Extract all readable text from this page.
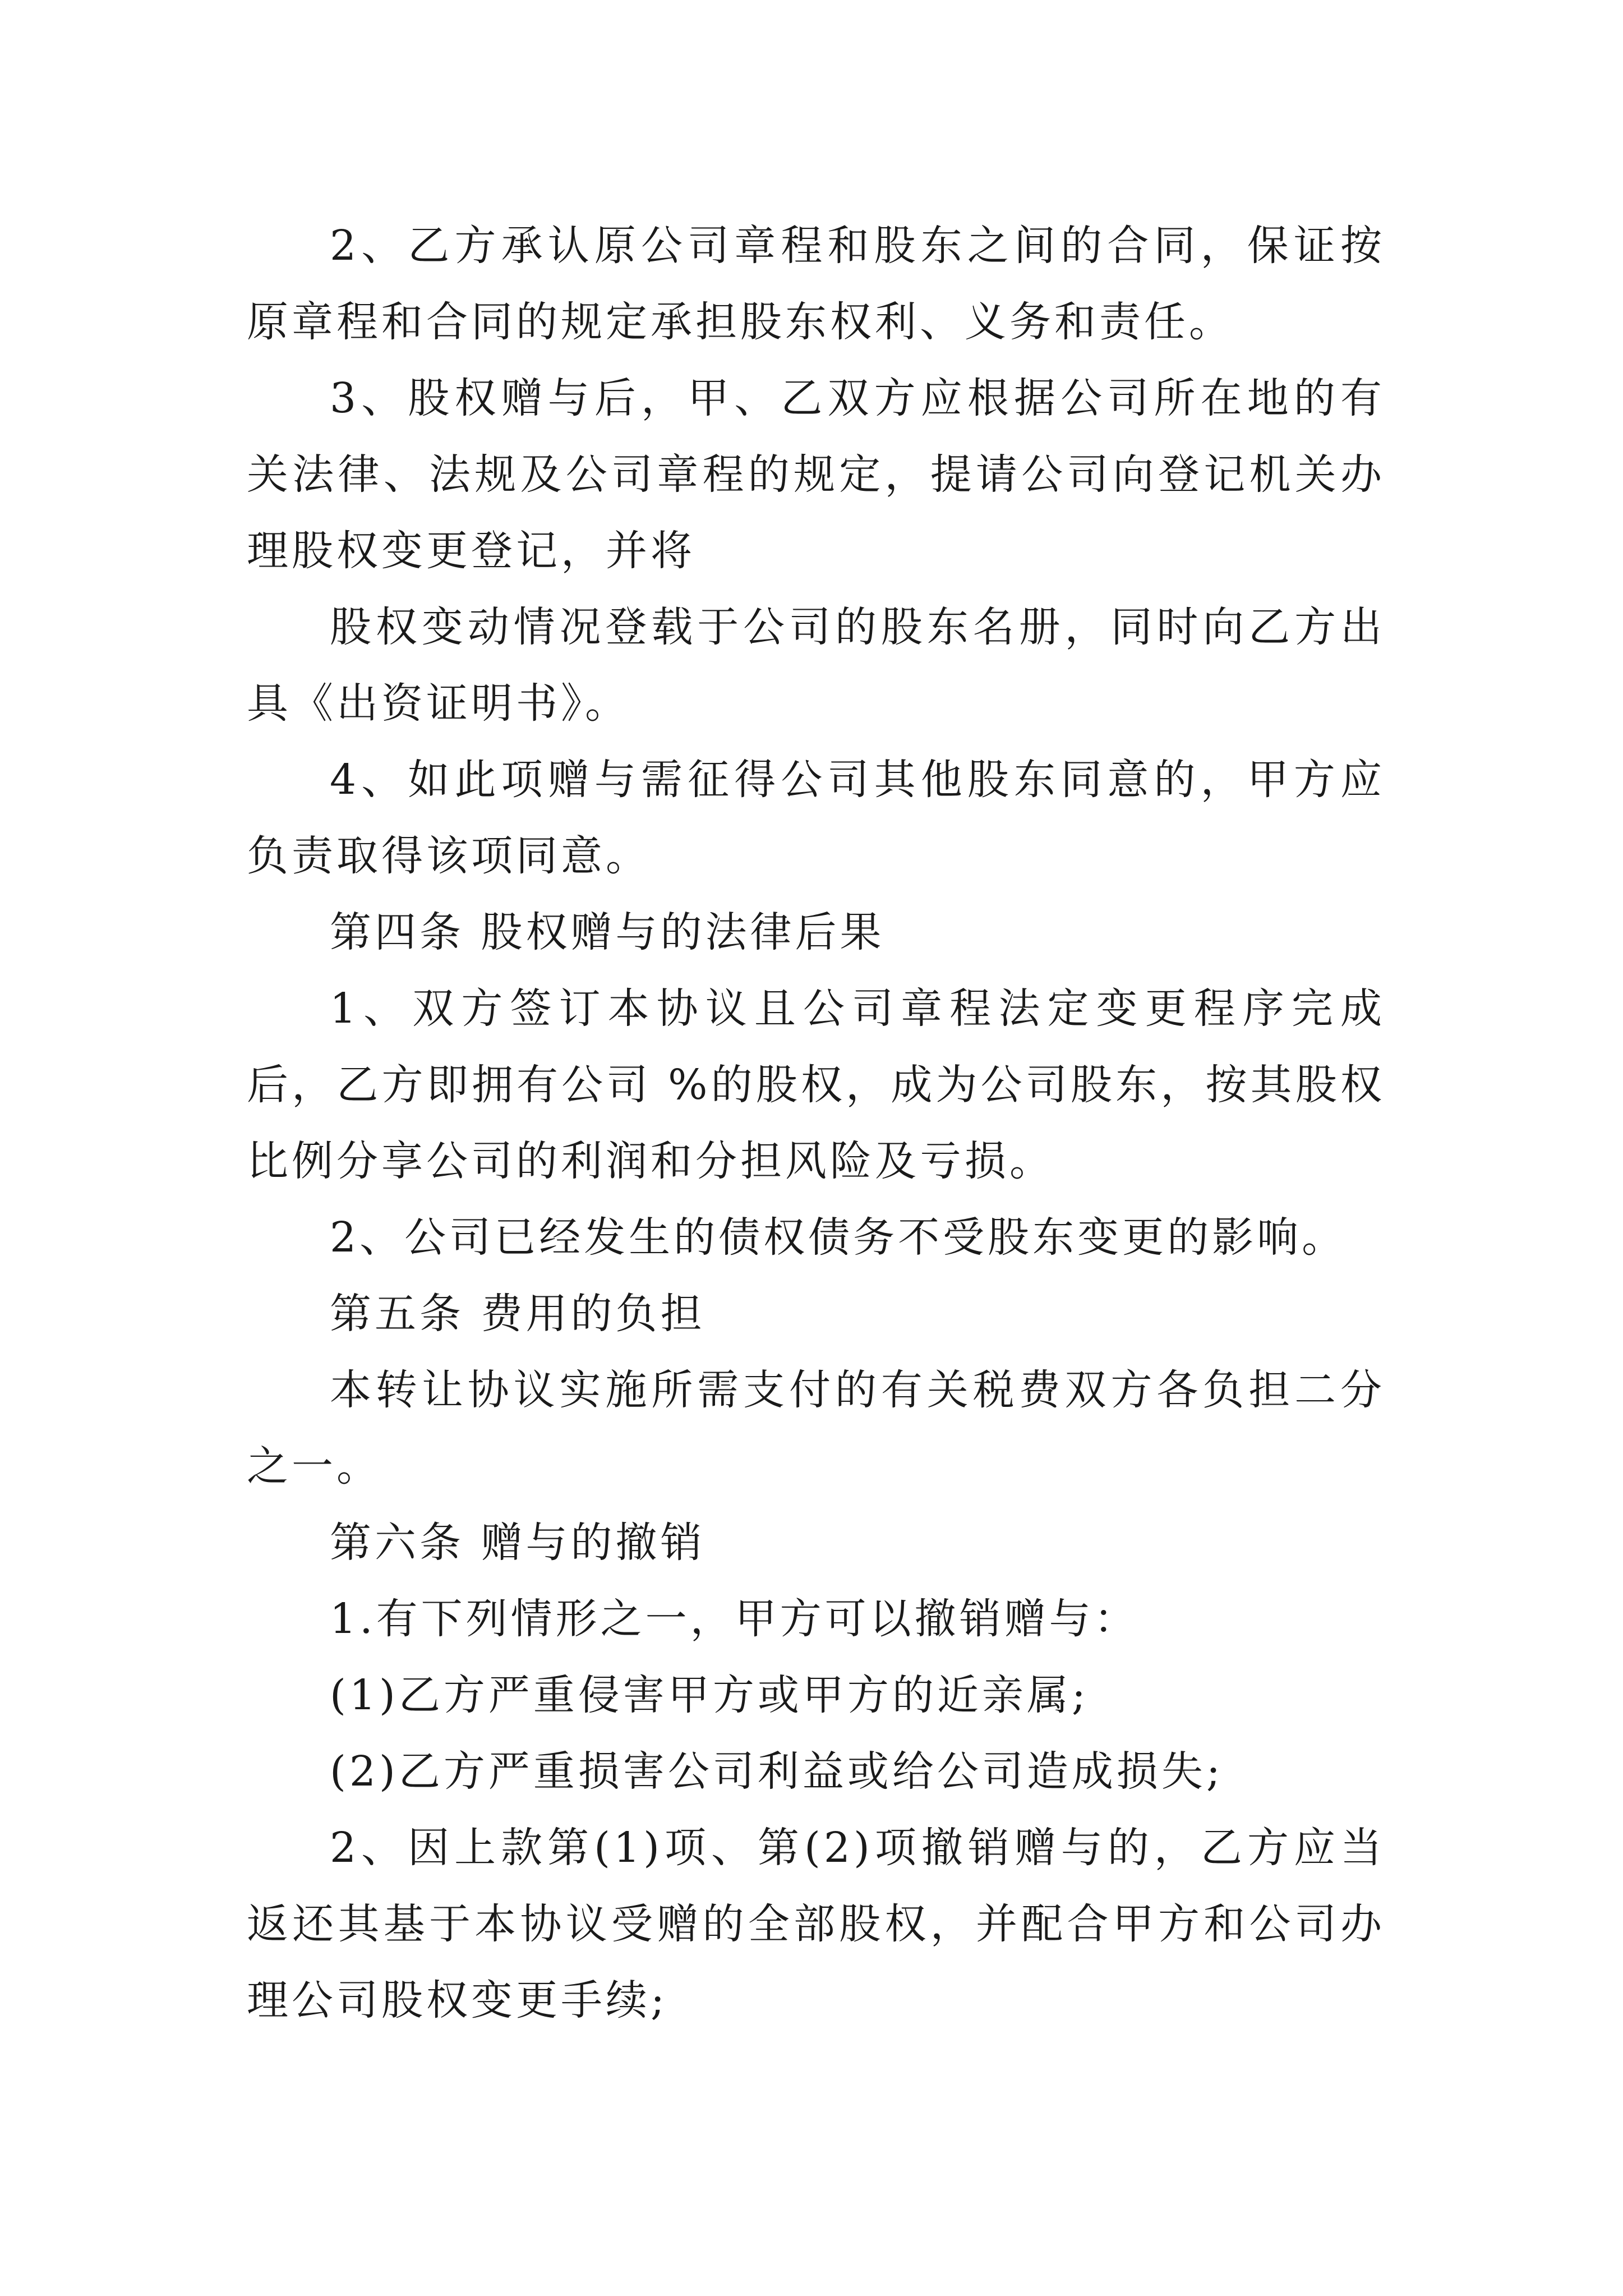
2、乙方承认原公司章程和股东之间的合同，保证按原章程和合同的规定承担股东权利、义务和责任。

3、股权赠与后，甲、乙双方应根据公司所在地的有关法律、法规及公司章程的规定，提请公司向登记机关办理股权变更登记，并将

股权变动情况登载于公司的股东名册，同时向乙方出具《出资证明书》。

4、如此项赠与需征得公司其他股东同意的，甲方应负责取得该项同意。

第四条 股权赠与的法律后果

1、双方签订本协议且公司章程法定变更程序完成后，乙方即拥有公司 %的股权，成为公司股东，按其股权比例分享公司的利润和分担风险及亏损。

2、公司已经发生的债权债务不受股东变更的影响。

第五条 费用的负担

本转让协议实施所需支付的有关税费双方各负担二分之一。

第六条 赠与的撤销

1.有下列情形之一，甲方可以撤销赠与：

(1)乙方严重侵害甲方或甲方的近亲属;

(2)乙方严重损害公司利益或给公司造成损失;

2、因上款第(1)项、第(2)项撤销赠与的，乙方应当返还其基于本协议受赠的全部股权，并配合甲方和公司办理公司股权变更手续;
